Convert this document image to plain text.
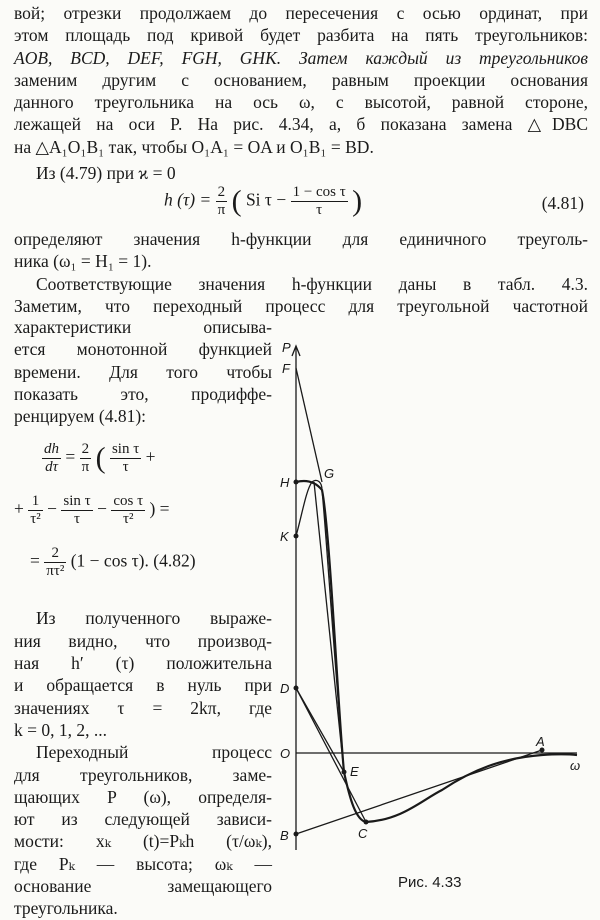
вой; отрезки продолжаем до пересечения с осью ординат, при

этом площадь под кривой будет разбита на пять треугольников:

AOB, BCD, DEF, FGH, GHK. Затем каждый из треугольников

заменим другим с основанием, равным проекции основания

данного треугольника на ось ω, с высотой, равной стороне,

лежащей на оси P. На рис. 4.34, а, б показана замена △DBC

на △A₁O₁B₁ так, чтобы O₁A₁ = OA и O₁B₁ = BD.

Из (4.79) при ϰ = 0
h $(\tau) = \frac{2}{\pi}$ ( Si $\tau - \frac{\text{1 − cos τ}}{\tau}$ )	(4.81)

определяют значения h-функции для единичного треуголь-

ника (ω₁ = H₁ = 1).

Соответствующие значения h-функции даны в табл. 4.3.

Заметим, что переходный процесс для треугольной частотной

характеристики описыва-

ется монотонной функцией

времени. Для того чтобы

показать это, продиффе-

ренцируем (4.81):

$\frac{dh}{d\tau} = \frac{2}{\pi}$ ( $\frac{\text{sin τ}}{\tau}$ +
+ $\frac{1}{\text{τ²}} - \frac{\text{sin τ}}{\tau} - \frac{\text{cos τ}}{\text{τ²}}$ ) =
= $\frac{2}{\text{πτ²}} (1 - \cos \tau)$. (4.82)

Из полученного выраже-

ния видно, что производ-

ная h′ (τ) положительна

и обращается в нуль при

значениях τ = 2kπ, где

k = 0, 1, 2, ...

Переходный процесс

для треугольников, заме-

щающих P (ω), определя-

ют из следующей зависи-

мости: xₖ (t)=Pₖh (τ/ωₖ),

где Pₖ — высота; ωₖ —

основание замещающего

треугольника.

P
F
H
G
K
D
O
E
A
C
B
ω
Рис. 4.33
